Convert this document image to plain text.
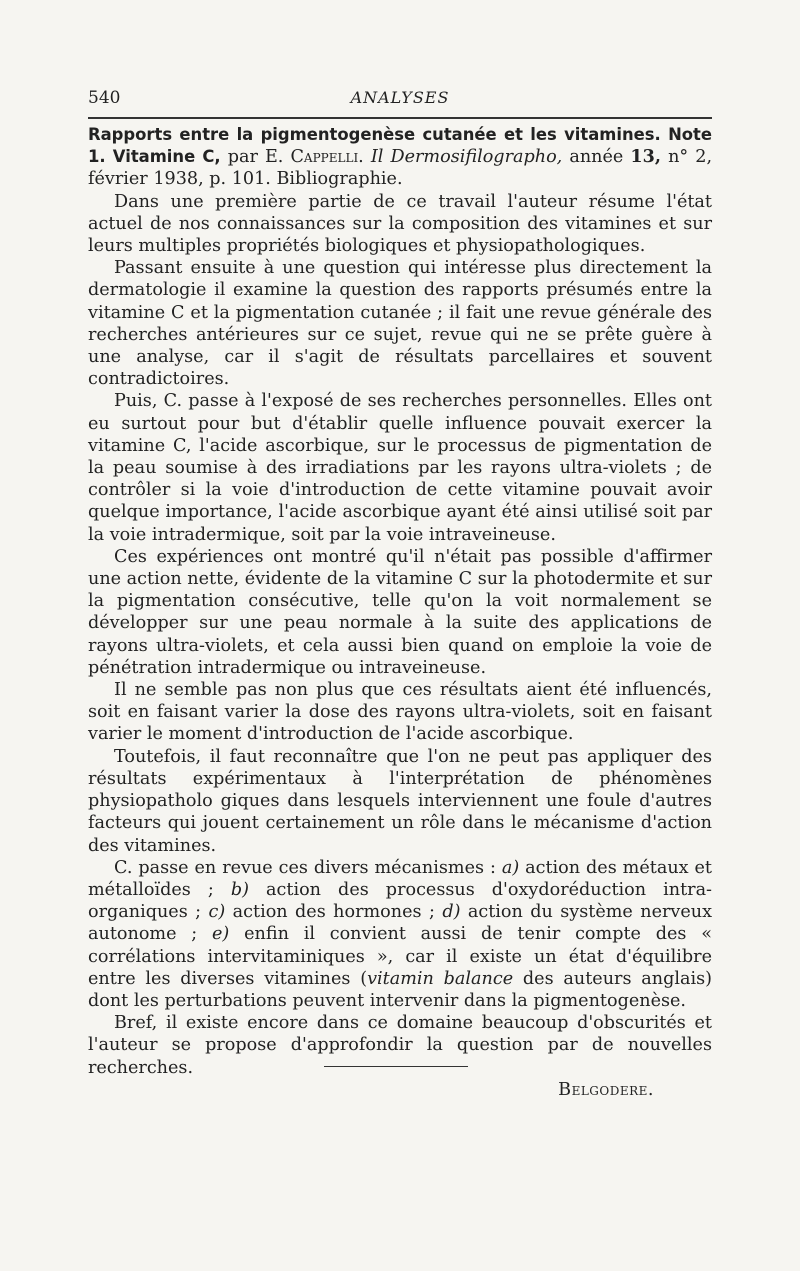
540	ANALYSES

Rapports entre la pigmentogenèse cutanée et les vitamines. Note 1. Vitamine C, par E. Cappelli. Il Dermosifilographo, année 13, n° 2, février 1938, p. 101. Bibliographie.

Dans une première partie de ce travail l'auteur résume l'état actuel de nos connaissances sur la composition des vitamines et sur leurs multiples propriétés biologiques et physiopathologiques.

Passant ensuite à une question qui intéresse plus directement la dermatologie il examine la question des rapports présumés entre la vitamine C et la pigmentation cutanée ; il fait une revue générale des recherches antérieures sur ce sujet, revue qui ne se prête guère à une analyse, car il s'agit de résultats parcellaires et souvent contradictoires.

Puis, C. passe à l'exposé de ses recherches personnelles. Elles ont eu surtout pour but d'établir quelle influence pouvait exercer la vitamine C, l'acide ascorbique, sur le processus de pigmentation de la peau soumise à des irradiations par les rayons ultra-violets ; de contrôler si la voie d'introduction de cette vitamine pouvait avoir quelque importance, l'acide ascorbique ayant été ainsi utilisé soit par la voie intradermique, soit par la voie intraveineuse.

Ces expériences ont montré qu'il n'était pas possible d'affirmer une action nette, évidente de la vitamine C sur la photodermite et sur la pigmentation consécutive, telle qu'on la voit normalement se développer sur une peau normale à la suite des applications de rayons ultra-violets, et cela aussi bien quand on emploie la voie de pénétration intradermique ou intraveineuse.

Il ne semble pas non plus que ces résultats aient été influencés, soit en faisant varier la dose des rayons ultra-violets, soit en faisant varier le moment d'introduction de l'acide ascorbique.

Toutefois, il faut reconnaître que l'on ne peut pas appliquer des résultats expérimentaux à l'interprétation de phénomènes physiopatholo giques dans lesquels interviennent une foule d'autres facteurs qui jouent certainement un rôle dans le mécanisme d'action des vitamines.

C. passe en revue ces divers mécanismes : a) action des métaux et métalloïdes ; b) action des processus d'oxydoréduction intra-organiques ; c) action des hormones ; d) action du système nerveux autonome ; e) enfin il convient aussi de tenir compte des « corrélations intervitaminiques », car il existe un état d'équilibre entre les diverses vitamines (vitamin balance des auteurs anglais) dont les perturbations peuvent intervenir dans la pigmentogenèse.

Bref, il existe encore dans ce domaine beaucoup d'obscurités et l'auteur se propose d'approfondir la question par de nouvelles recherches.

Belgodere.
